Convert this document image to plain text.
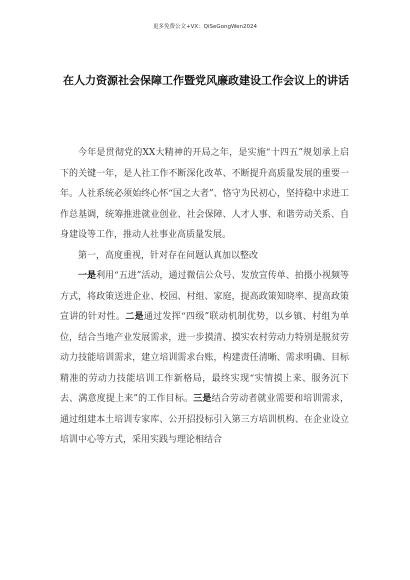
更多免费公文+VX：QiSeGongWen2024
在人力资源社会保障工作暨党风廉政建设工作会议上的讲话

今年是贯彻党的XX大精神的开局之年，是实施“十四五”规划承上启下的关键一年，是人社工作不断深化改革、不断提升高质量发展的重要一年。人社系统必须始终心怀“国之大者”、恪守为民初心，坚持稳中求进工作总基调，统筹推进就业创业、社会保障、人才人事、和谐劳动关系、自身建设等工作，推动人社事业高质量发展。

第一，高度重视，针对存在问题认真加以整改

一是利用“五进”活动，通过微信公众号、发放宣传单、拍摄小视频等方式，将政策送进企业、校园、村组、家庭，提高政策知晓率、提高政策宣讲的针对性。二是通过发挥“四级”联动机制优势，以乡镇、村组为单位，结合当地产业发展需求，进一步摸清、摸实农村劳动力特别是脱贫劳动力技能培训需求，建立培训需求台账，构建责任清晰、需求明确、目标精准的劳动力技能培训工作新格局，最终实现“实情摸上来、服务沉下去、满意度提上来”的工作目标。三是结合劳动者就业需要和培训需求，通过组建本土培训专家库、公开招投标引入第三方培训机构、在企业设立培训中心等方式，采用实践与理论相结合
